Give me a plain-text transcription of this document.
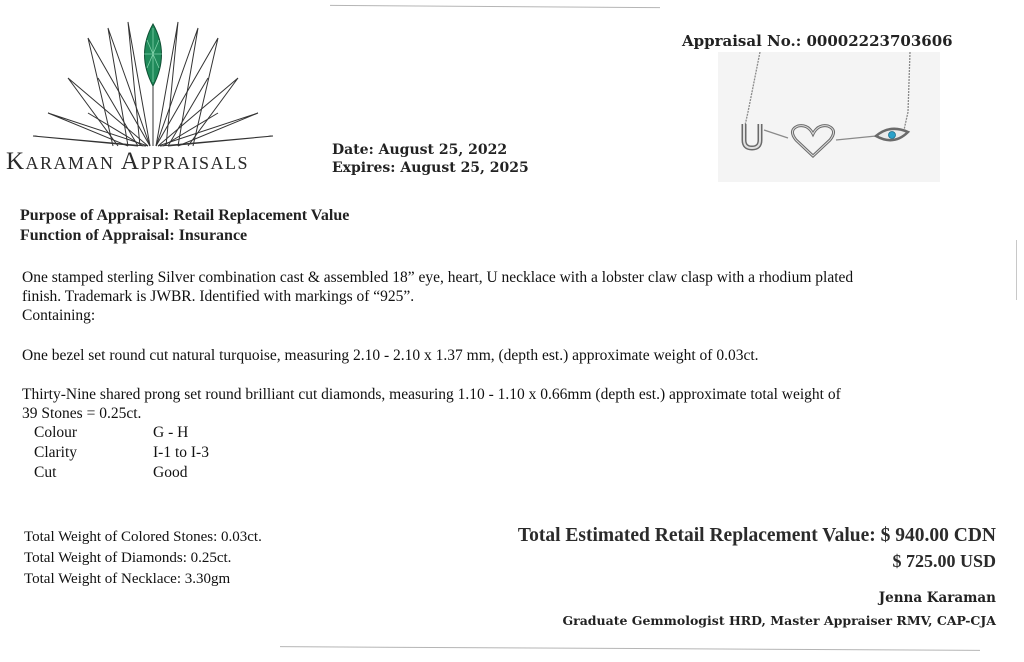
Karaman Appraisals
Appraisal No.: 00002223703606
Date: August 25, 2022
Expires: August 25, 2025
Purpose of Appraisal: Retail Replacement Value
Function of Appraisal: Insurance
One stamped sterling Silver combination cast & assembled 18” eye, heart, U necklace with a lobster claw clasp with a rhodium plated
finish. Trademark is JWBR. Identified with markings of “925”.
Containing:
One bezel set round cut natural turquoise, measuring 2.10 - 2.10 x 1.37 mm, (depth est.) approximate weight of 0.03ct.
Thirty-Nine shared prong set round brilliant cut diamonds, measuring 1.10 - 1.10 x 0.66mm (depth est.) approximate total weight of
39 Stones = 0.25ct.
Colour	G - H
Clarity	I-1 to I-3
Cut	Good
Total Weight of Colored Stones: 0.03ct.
Total Weight of Diamonds: 0.25ct.
Total Weight of Necklace: 3.30gm
Total Estimated Retail Replacement Value: $ 940.00 CDN
$ 725.00 USD
Jenna Karaman
Graduate Gemmologist HRD, Master Appraiser RMV, CAP-CJA
